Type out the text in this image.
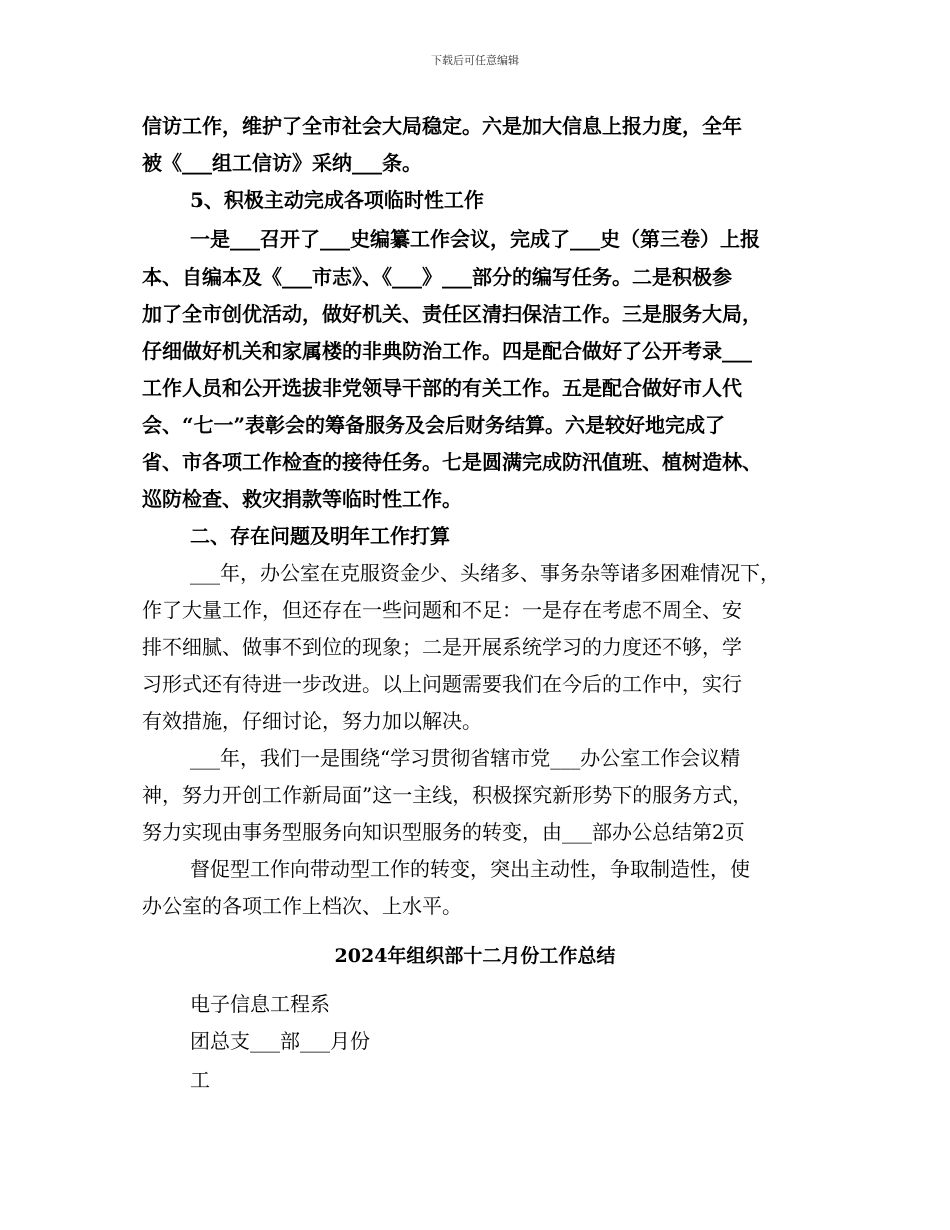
下载后可任意编辑
信访工作，维护了全市社会大局稳定。六是加大信息上报力度，全年
被《___组工信访》采纳___条。
5、积极主动完成各项临时性工作
一是___召开了___史编纂工作会议，完成了___史（第三卷）上报
本、自编本及《___市志》、《___》___部分的编写任务。二是积极参
加了全市创优活动，做好机关、责任区清扫保洁工作。三是服务大局，
仔细做好机关和家属楼的非典防治工作。四是配合做好了公开考录___
工作人员和公开选拔非党领导干部的有关工作。五是配合做好市人代
会、“七一”表彰会的筹备服务及会后财务结算。六是较好地完成了
省、市各项工作检查的接待任务。七是圆满完成防汛值班、植树造林、
巡防检查、救灾捐款等临时性工作。
二、存在问题及明年工作打算
___年，办公室在克服资金少、头绪多、事务杂等诸多困难情况下，
作了大量工作，但还存在一些问题和不足：一是存在考虑不周全、安
排不细腻、做事不到位的现象；二是开展系统学习的力度还不够，学
习形式还有待进一步改进。以上问题需要我们在今后的工作中，实行
有效措施，仔细讨论，努力加以解决。
___年，我们一是围绕“学习贯彻省辖市党___办公室工作会议精
神，努力开创工作新局面”这一主线，积极探究新形势下的服务方式，
努力实现由事务型服务向知识型服务的转变，由___部办公总结第2页
督促型工作向带动型工作的转变，突出主动性，争取制造性，使
办公室的各项工作上档次、上水平。
2024年组织部十二月份工作总结
电子信息工程系
团总支___部___月份
工
